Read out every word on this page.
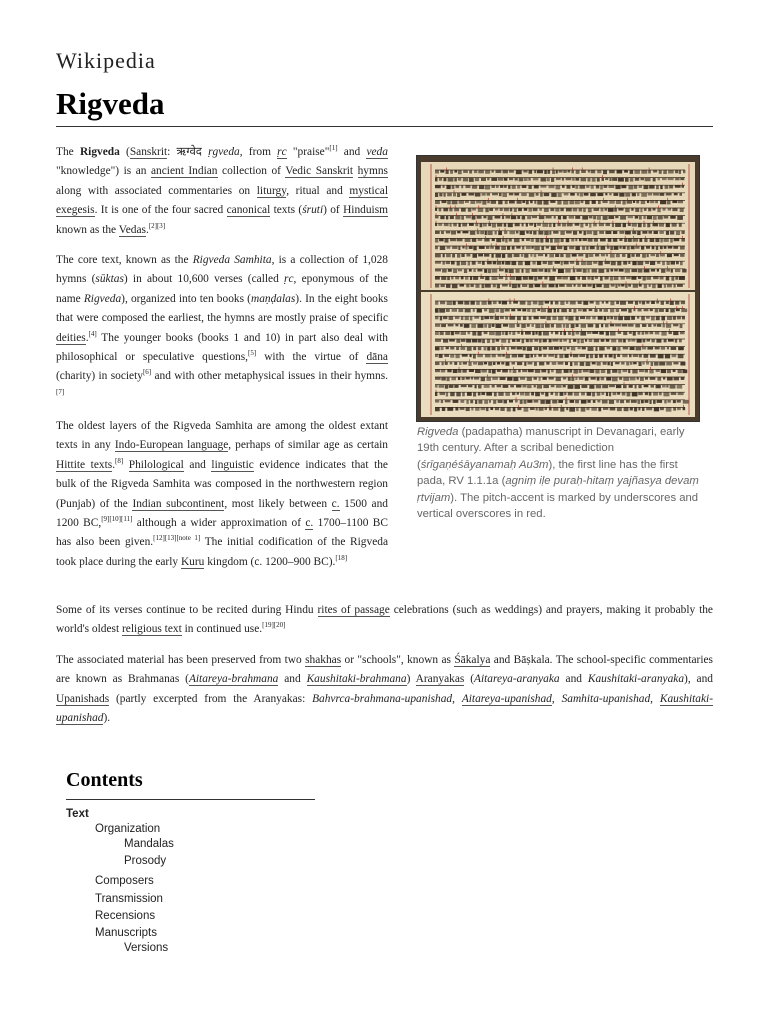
Wikipedia
Rigveda

The Rigveda (Sanskrit: ऋग्वेद ṛgveda, from ṛc "praise"[1] and veda "knowledge") is an ancient Indian collection of Vedic Sanskrit hymns along with associated commentaries on liturgy, ritual and mystical exegesis. It is one of the four sacred canonical texts (śruti) of Hinduism known as the Vedas.[2][3]

The core text, known as the Rigveda Samhita, is a collection of 1,028 hymns (sūktas) in about 10,600 verses (called ṛc, eponymous of the name Rigveda), organized into ten books (maṇḍalas). In the eight books that were composed the earliest, the hymns are mostly praise of specific deities.[4] The younger books (books 1 and 10) in part also deal with philosophical or speculative questions,[5] with the virtue of dāna (charity) in society[6] and with other metaphysical issues in their hymns.[7]

The oldest layers of the Rigveda Samhita are among the oldest extant texts in any Indo-European language, perhaps of similar age as certain Hittite texts.[8] Philological and linguistic evidence indicates that the bulk of the Rigveda Samhita was composed in the northwestern region (Punjab) of the Indian subcontinent, most likely between c. 1500 and 1200 BC,[9][10][11] although a wider approximation of c. 1700–1100 BC has also been given.[12][13][note 1] The initial codification of the Rigveda took place during the early Kuru kingdom (c. 1200–900 BC).[18]

Rigveda (padapatha) manuscript in Devanagari, early 19th century. After a scribal benediction (śrīgaṇéśāyanamaḥ Au3m), the first line has the first pada, RV 1.1.1a (agniṃ iḷe puraḥ-hitaṃ yajñasya devaṃ ṛtvijam). The pitch-accent is marked by underscores and vertical overscores in red.

Some of its verses continue to be recited during Hindu rites of passage celebrations (such as weddings) and prayers, making it probably the world's oldest religious text in continued use.[19][20]

The associated material has been preserved from two shakhas or "schools", known as Śākalya and Bāṣkala. The school-specific commentaries are known as Brahmanas (Aitareya-brahmana and Kaushitaki-brahmana) Aranyakas (Aitareya-aranyaka and Kaushitaki-aranyaka), and Upanishads (partly excerpted from the Aranyakas: Bahvrca-brahmana-upanishad, Aitareya-upanishad, Samhita-upanishad, Kaushitaki-upanishad).

Contents
Text
Organization
Mandalas
Prosody
Composers
Transmission
Recensions
Manuscripts
Versions
